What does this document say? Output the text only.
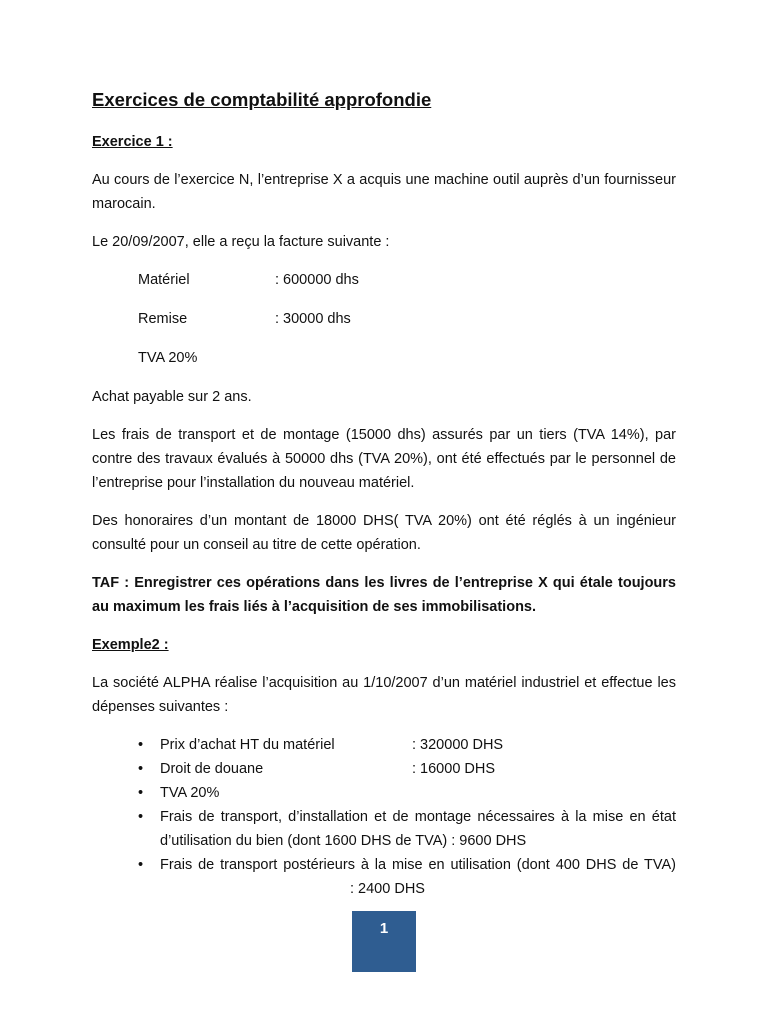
Exercices de comptabilité approfondie
Exercice 1 :
Au cours de l’exercice N, l’entreprise X a acquis une machine outil auprès d’un fournisseur marocain.
Le 20/09/2007, elle a reçu la facture suivante :
Matériel	: 600000 dhs
Remise	: 30000 dhs
TVA 20%
Achat payable sur 2 ans.
Les frais de transport et de montage (15000 dhs) assurés par un tiers (TVA 14%), par contre des travaux évalués à 50000 dhs (TVA 20%), ont été effectués par le personnel de l’entreprise pour l’installation du nouveau matériel.
Des honoraires d’un montant de 18000 DHS( TVA 20%) ont été réglés à un ingénieur consulté pour un conseil au titre de cette opération.
TAF : Enregistrer ces opérations dans les livres de l’entreprise X qui étale toujours au maximum les frais liés à l’acquisition de ses immobilisations.
Exemple2 :
La société ALPHA réalise l’acquisition au 1/10/2007 d’un matériel industriel et effectue les dépenses suivantes :
• Prix d’achat HT du matériel	: 320000 DHS
• Droit de douane	: 16000 DHS
• TVA 20%
• Frais de transport, d’installation et de montage nécessaires à la mise en état d’utilisation du bien (dont 1600 DHS de TVA) : 9600 DHS
• Frais de transport postérieurs à la mise en utilisation (dont 400 DHS de TVA) : 2400 DHS
1
